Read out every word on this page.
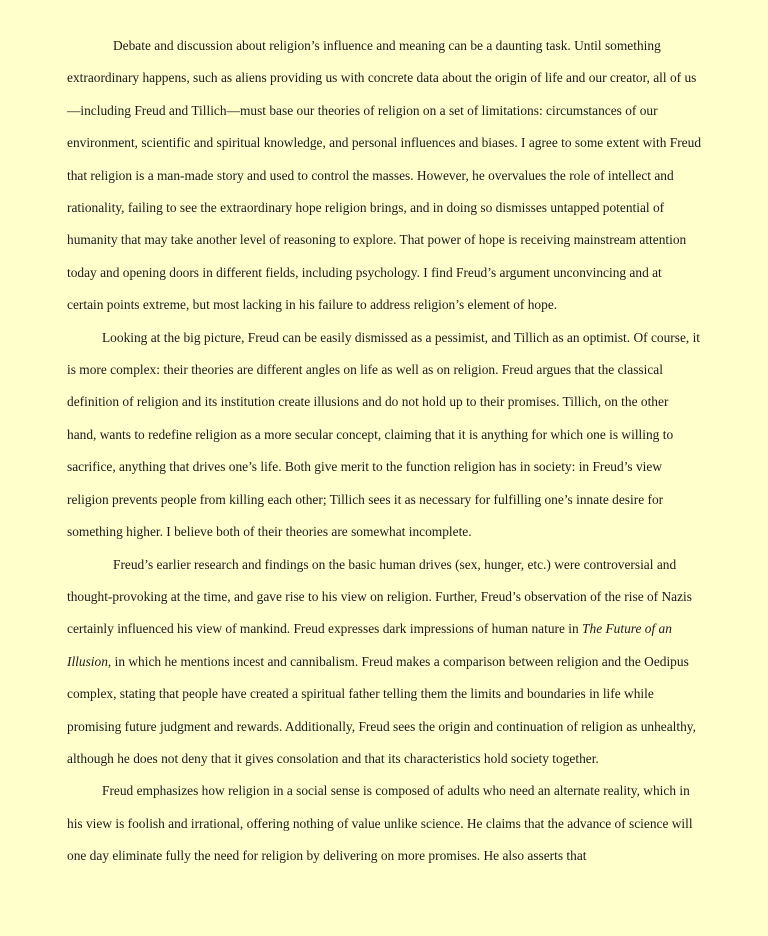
Debate and discussion about religion’s influence and meaning can be a daunting task. Until something extraordinary happens, such as aliens providing us with concrete data about the origin of life and our creator, all of us—including Freud and Tillich—must base our theories of religion on a set of limitations: circumstances of our environment, scientific and spiritual knowledge, and personal influences and biases. I agree to some extent with Freud that religion is a man-made story and used to control the masses. However, he overvalues the role of intellect and rationality, failing to see the extraordinary hope religion brings, and in doing so dismisses untapped potential of humanity that may take another level of reasoning to explore. That power of hope is receiving mainstream attention today and opening doors in different fields, including psychology. I find Freud’s argument unconvincing and at certain points extreme, but most lacking in his failure to address religion’s element of hope.

Looking at the big picture, Freud can be easily dismissed as a pessimist, and Tillich as an optimist. Of course, it is more complex: their theories are different angles on life as well as on religion. Freud argues that the classical definition of religion and its institution create illusions and do not hold up to their promises. Tillich, on the other hand, wants to redefine religion as a more secular concept, claiming that it is anything for which one is willing to sacrifice, anything that drives one’s life. Both give merit to the function religion has in society: in Freud’s view religion prevents people from killing each other; Tillich sees it as necessary for fulfilling one’s innate desire for something higher. I believe both of their theories are somewhat incomplete.

Freud’s earlier research and findings on the basic human drives (sex, hunger, etc.) were controversial and thought-provoking at the time, and gave rise to his view on religion. Further, Freud’s observation of the rise of Nazis certainly influenced his view of mankind. Freud expresses dark impressions of human nature in The Future of an Illusion, in which he mentions incest and cannibalism. Freud makes a comparison between religion and the Oedipus complex, stating that people have created a spiritual father telling them the limits and boundaries in life while promising future judgment and rewards. Additionally, Freud sees the origin and continuation of religion as unhealthy, although he does not deny that it gives consolation and that its characteristics hold society together.

Freud emphasizes how religion in a social sense is composed of adults who need an alternate reality, which in his view is foolish and irrational, offering nothing of value unlike science. He claims that the advance of science will one day eliminate fully the need for religion by delivering on more promises. He also asserts that
